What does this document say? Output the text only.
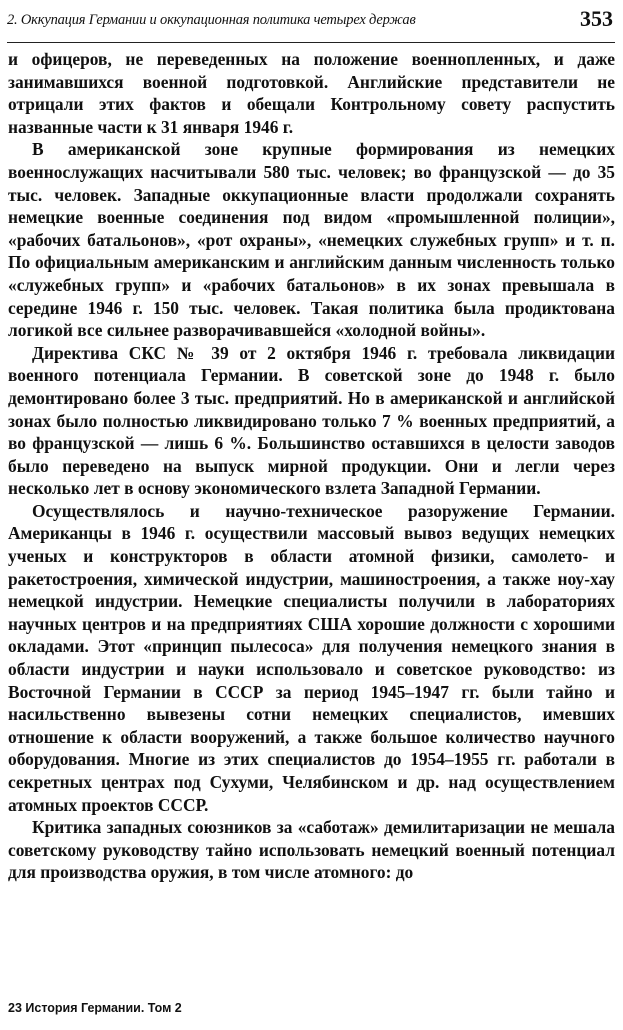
2. Оккупация Германии и оккупационная политика четырех держав	353

и офицеров, не переведенных на положение военнопленных, и даже занимавшихся военной подготовкой. Английские представители не отрицали этих фактов и обещали Контрольному совету распустить названные части к 31 января 1946 г.

В американской зоне крупные формирования из немецких военнослужащих насчитывали 580 тыс. человек; во французской — до 35 тыс. человек. Западные оккупационные власти продолжали сохранять немецкие военные соединения под видом «промышленной полиции», «рабочих батальонов», «рот охраны», «немецких служебных групп» и т. п. По официальным американским и английским данным численность только «служебных групп» и «рабочих батальонов» в их зонах превышала в середине 1946 г. 150 тыс. человек. Такая политика была продиктована логикой все сильнее разворачивавшейся «холодной войны».

Директива СКС № 39 от 2 октября 1946 г. требовала ликвидации военного потенциала Германии. В советской зоне до 1948 г. было демонтировано более 3 тыс. предприятий. Но в американской и английской зонах было полностью ликвидировано только 7 % военных предприятий, а во французской — лишь 6 %. Большинство оставшихся в целости заводов было переведено на выпуск мирной продукции. Они и легли через несколько лет в основу экономического взлета Западной Германии.

Осуществлялось и научно-техническое разоружение Германии. Американцы в 1946 г. осуществили массовый вывоз ведущих немецких ученых и конструкторов в области атомной физики, самолето- и ракетостроения, химической индустрии, машиностроения, а также ноу-хау немецкой индустрии. Немецкие специалисты получили в лабораториях научных центров и на предприятиях США хорошие должности с хорошими окладами. Этот «принцип пылесоса» для получения немецкого знания в области индустрии и науки использовало и советское руководство: из Восточной Германии в СССР за период 1945–1947 гг. были тайно и насильственно вывезены сотни немецких специалистов, имевших отношение к области вооружений, а также большое количество научного оборудования. Многие из этих специалистов до 1954–1955 гг. работали в секретных центрах под Сухуми, Челябинском и др. над осуществлением атомных проектов СССР.

Критика западных союзников за «саботаж» демилитаризации не мешала советскому руководству тайно использовать немецкий военный потенциал для производства оружия, в том числе атомного: до

23 История Германии. Том 2
